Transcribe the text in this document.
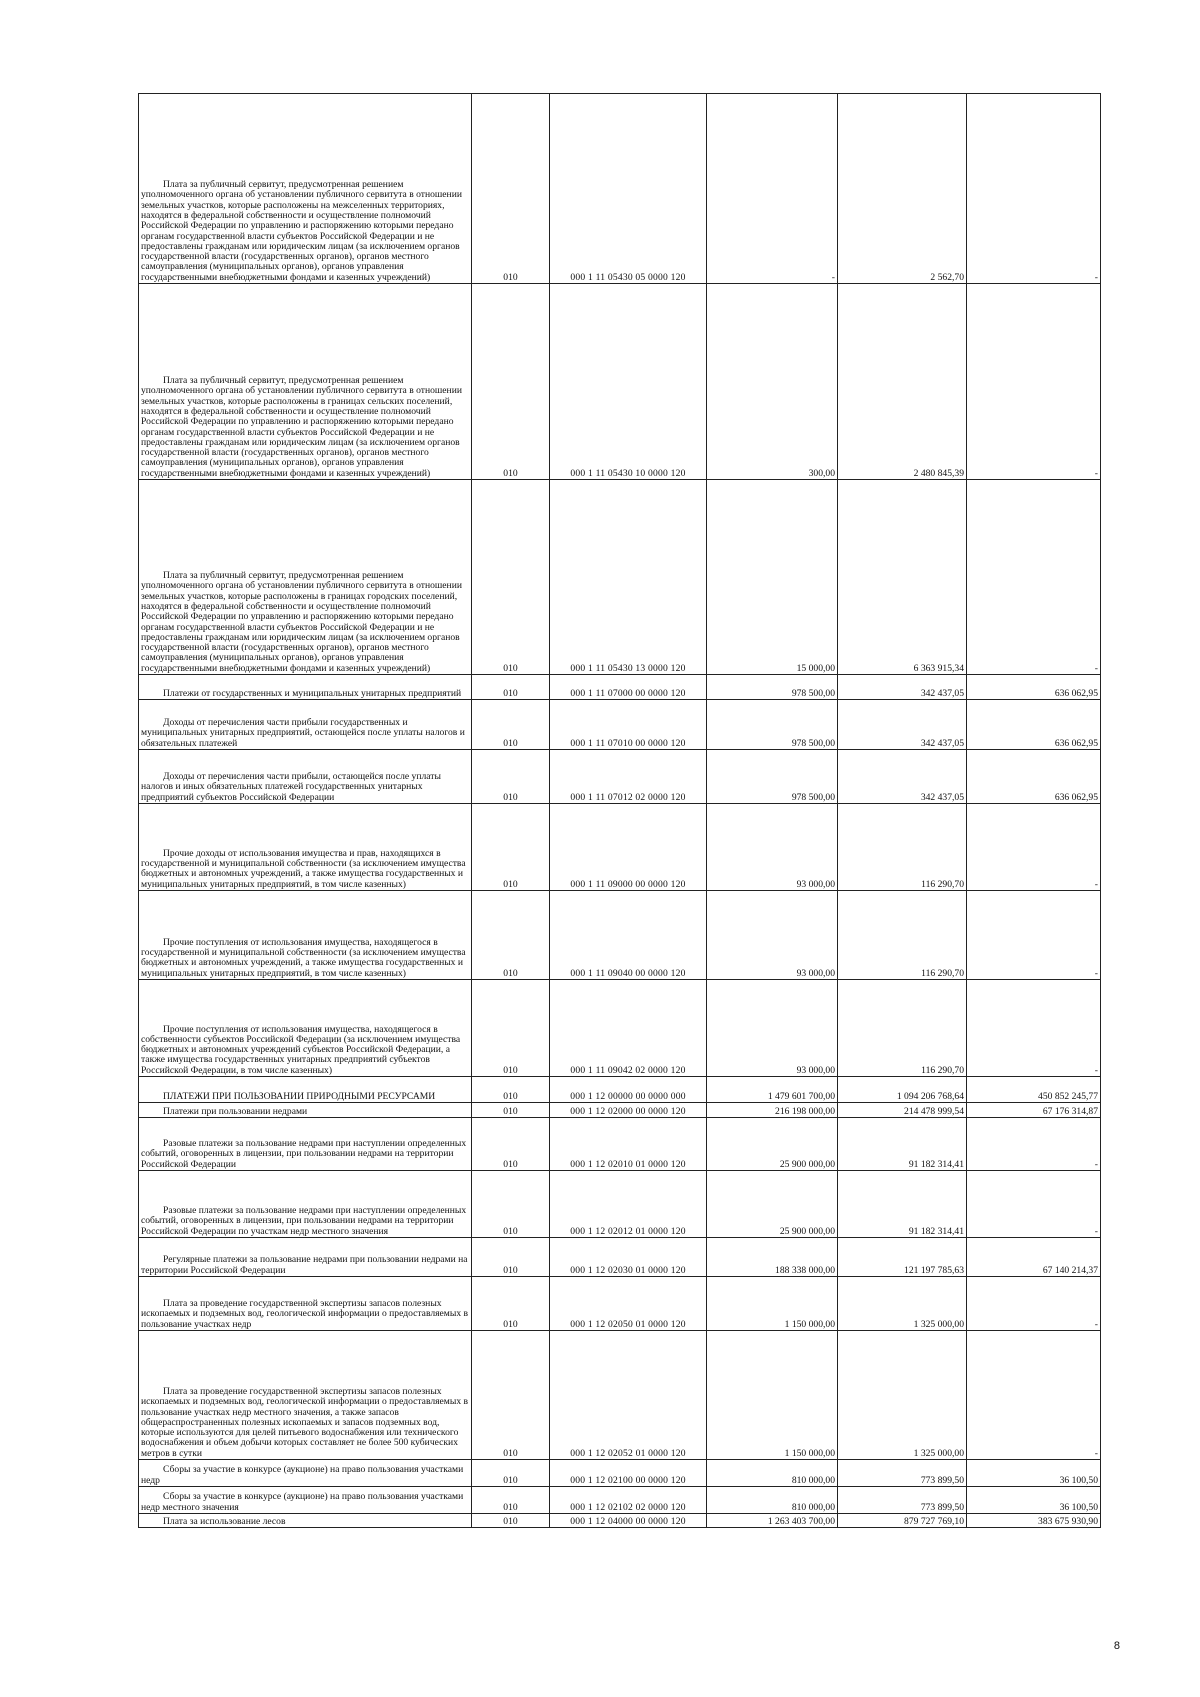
Плата за публичный сервитут, предусмотренная решением уполномоченного органа об установлении публичного сервитута в отношении земельных участков, которые расположены на межселенных территориях, находятся в федеральной собственности и осуществление полномочий Российской Федерации по управлению и распоряжению которыми передано органам государственной власти субъектов Российской Федерации и не предоставлены гражданам или юридическим лицам (за исключением органов государственной власти (государственных органов), органов местного самоуправления (муниципальных органов), органов управления государственными внебюджетными фондами и казенных учреждений)	010	000 1 11 05430 05 0000 120	-	2 562,70	-

Плата за публичный сервитут, предусмотренная решением уполномоченного органа об установлении публичного сервитута в отношении земельных участков, которые расположены в границах сельских поселений, находятся в федеральной собственности и осуществление полномочий Российской Федерации по управлению и распоряжению которыми передано органам государственной власти субъектов Российской Федерации и не предоставлены гражданам или юридическим лицам (за исключением органов государственной власти (государственных органов), органов местного самоуправления (муниципальных органов), органов управления государственными внебюджетными фондами и казенных учреждений)	010	000 1 11 05430 10 0000 120	300,00	2 480 845,39	-

Плата за публичный сервитут, предусмотренная решением уполномоченного органа об установлении публичного сервитута в отношении земельных участков, которые расположены в границах городских поселений, находятся в федеральной собственности и осуществление полномочий Российской Федерации по управлению и распоряжению которыми передано органам государственной власти субъектов Российской Федерации и не предоставлены гражданам или юридическим лицам (за исключением органов государственной власти (государственных органов), органов местного самоуправления (муниципальных органов), органов управления государственными внебюджетными фондами и казенных учреждений)	010	000 1 11 05430 13 0000 120	15 000,00	6 363 915,34	-

Платежи от государственных и муниципальных унитарных предприятий	010	000 1 11 07000 00 0000 120	978 500,00	342 437,05	636 062,95

Доходы от перечисления части прибыли государственных и муниципальных унитарных предприятий, остающейся после уплаты налогов и обязательных платежей	010	000 1 11 07010 00 0000 120	978 500,00	342 437,05	636 062,95

Доходы от перечисления части прибыли, остающейся после уплаты налогов и иных обязательных платежей государственных унитарных предприятий субъектов Российской Федерации	010	000 1 11 07012 02 0000 120	978 500,00	342 437,05	636 062,95

Прочие доходы от использования имущества и прав, находящихся в государственной и муниципальной собственности (за исключением имущества бюджетных и автономных учреждений, а также имущества государственных и муниципальных унитарных предприятий, в том числе казенных)	010	000 1 11 09000 00 0000 120	93 000,00	116 290,70	-

Прочие поступления от использования имущества, находящегося в государственной и муниципальной собственности (за исключением имущества бюджетных и автономных учреждений, а также имущества государственных и муниципальных унитарных предприятий, в том числе казенных)	010	000 1 11 09040 00 0000 120	93 000,00	116 290,70	-

Прочие поступления от использования имущества, находящегося в собственности субъектов Российской Федерации (за исключением имущества бюджетных и автономных учреждений субъектов Российской Федерации, а также имущества государственных унитарных предприятий субъектов Российской Федерации, в том числе казенных)	010	000 1 11 09042 02 0000 120	93 000,00	116 290,70	-

ПЛАТЕЖИ ПРИ ПОЛЬЗОВАНИИ ПРИРОДНЫМИ РЕСУРСАМИ	010	000 1 12 00000 00 0000 000	1 479 601 700,00	1 094 206 768,64	450 852 245,77

Платежи при пользовании недрами	010	000 1 12 02000 00 0000 120	216 198 000,00	214 478 999,54	67 176 314,87

Разовые платежи за пользование недрами при наступлении определенных событий, оговоренных в лицензии, при пользовании недрами на территории Российской Федерации	010	000 1 12 02010 01 0000 120	25 900 000,00	91 182 314,41	-

Разовые платежи за пользование недрами при наступлении определенных событий, оговоренных в лицензии, при пользовании недрами на территории Российской Федерации по участкам недр местного значения	010	000 1 12 02012 01 0000 120	25 900 000,00	91 182 314,41	-

Регулярные платежи за пользование недрами при пользовании недрами на территории Российской Федерации	010	000 1 12 02030 01 0000 120	188 338 000,00	121 197 785,63	67 140 214,37

Плата за проведение государственной экспертизы запасов полезных ископаемых и подземных вод, геологической информации о предоставляемых в пользование участках недр	010	000 1 12 02050 01 0000 120	1 150 000,00	1 325 000,00	-

Плата за проведение государственной экспертизы запасов полезных ископаемых и подземных вод, геологической информации о предоставляемых в пользование участках недр местного значения, а также запасов общераспространенных полезных ископаемых и запасов подземных вод, которые используются для целей питьевого водоснабжения или технического водоснабжения и объем добычи которых составляет не более 500 кубических метров в сутки	010	000 1 12 02052 01 0000 120	1 150 000,00	1 325 000,00	-

Сборы за участие в конкурсе (аукционе) на право пользования участками недр	010	000 1 12 02100 00 0000 120	810 000,00	773 899,50	36 100,50

Сборы за участие в конкурсе (аукционе) на право пользования участками недр местного значения	010	000 1 12 02102 02 0000 120	810 000,00	773 899,50	36 100,50

Плата за использование лесов	010	000 1 12 04000 00 0000 120	1 263 403 700,00	879 727 769,10	383 675 930,90
8
